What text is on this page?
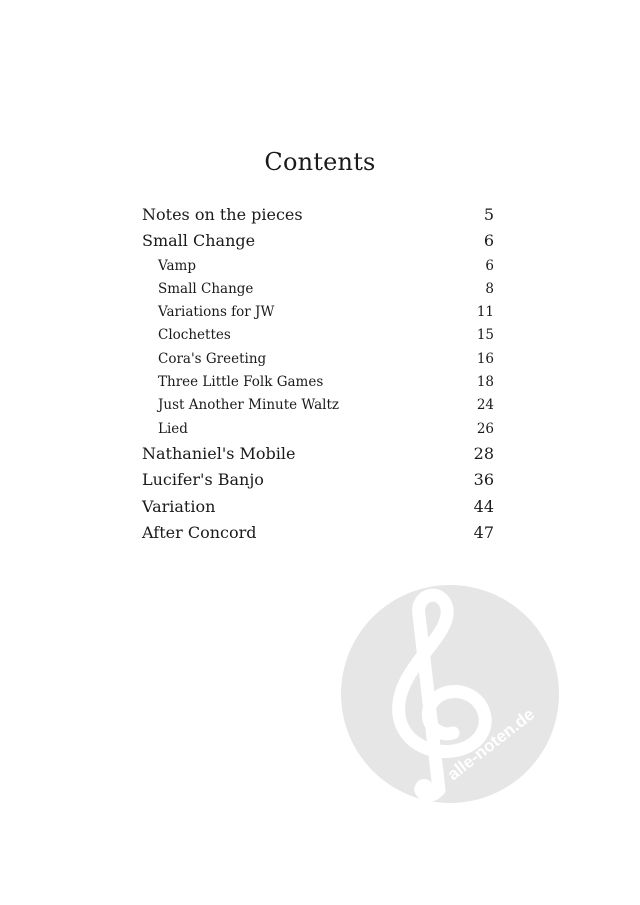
Contents
Notes on the pieces	5
Small Change	6
Vamp	6
Small Change	8
Variations for JW	11
Clochettes	15
Cora's Greeting	16
Three Little Folk Games	18
Just Another Minute Waltz	24
Lied	26
Nathaniel's Mobile	28
Lucifer's Banjo	36
Variation	44
After Concord	47
alle-noten.de
